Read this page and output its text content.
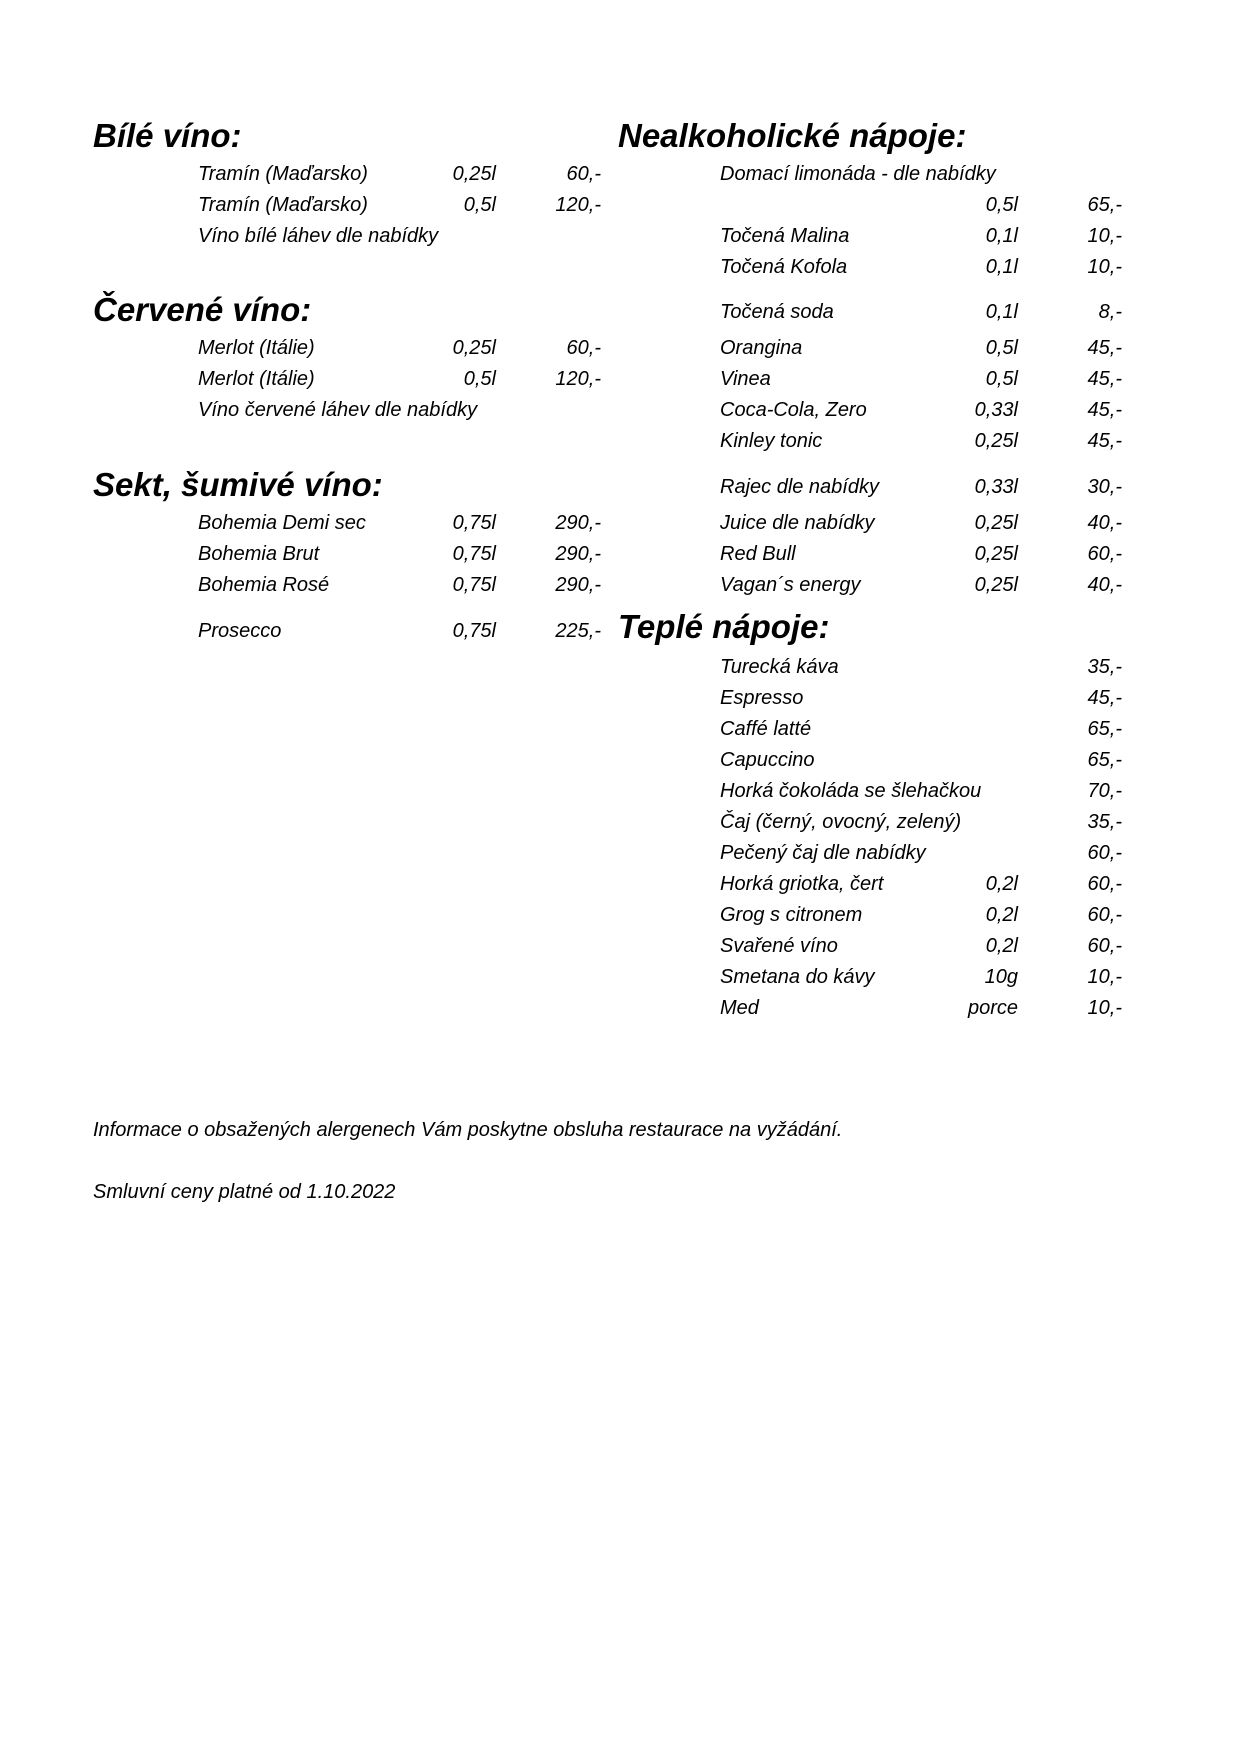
Bílé víno:
Tramín (Maďarsko)	0,25l	60,-
Tramín (Maďarsko)	0,5l	120,-
Víno bílé láhev dle nabídky
Červené víno:
Merlot (Itálie)	0,25l	60,-
Merlot (Itálie)	0,5l	120,-
Víno červené láhev dle nabídky
Sekt, šumivé víno:
Bohemia Demi sec	0,75l	290,-
Bohemia Brut	0,75l	290,-
Bohemia Rosé	0,75l	290,-
Prosecco	0,75l	225,-
Nealkoholické nápoje:
Domací limonáda - dle nabídky
0,5l	65,-
Točená Malina	0,1l	10,-
Točená Kofola	0,1l	10,-
Točená soda	0,1l	8,-
Orangina	0,5l	45,-
Vinea	0,5l	45,-
Coca-Cola, Zero	0,33l	45,-
Kinley tonic	0,25l	45,-
Rajec dle nabídky	0,33l	30,-
Juice dle nabídky	0,25l	40,-
Red Bull	0,25l	60,-
Vagan´s energy	0,25l	40,-
Teplé nápoje:
Turecká káva	35,-
Espresso	45,-
Caffé latté	65,-
Capuccino	65,-
Horká čokoláda se šlehačkou	70,-
Čaj (černý, ovocný, zelený)	35,-
Pečený čaj dle nabídky	60,-
Horká griotka, čert	0,2l	60,-
Grog s citronem	0,2l	60,-
Svařené víno	0,2l	60,-
Smetana do kávy	10g	10,-
Med	porce	10,-
Informace o obsažených alergenech Vám poskytne obsluha restaurace na vyžádání.
Smluvní ceny platné od 1.10.2022
